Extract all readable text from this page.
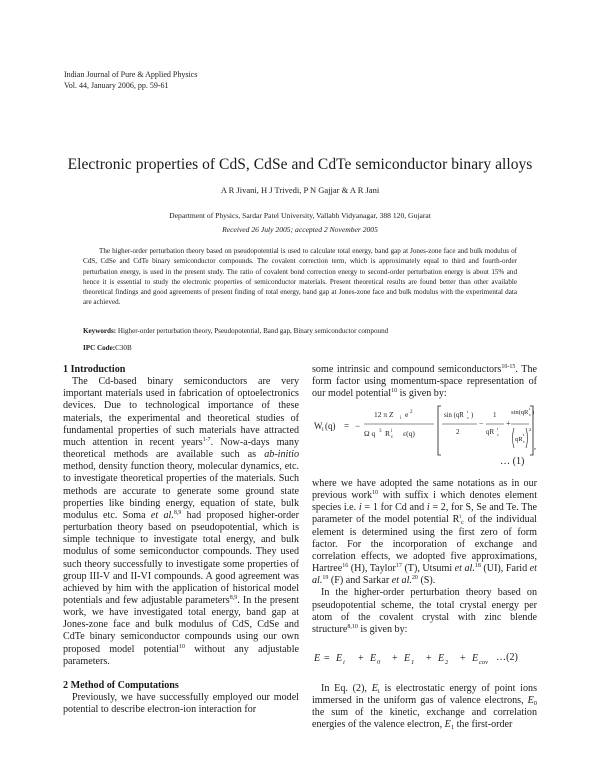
Indian Journal of Pure & Applied Physics
Vol. 44, January 2006, pp. 59-61
Electronic properties of CdS, CdSe and CdTe semiconductor binary alloys
A R Jivani, H J Trivedi, P N Gajjar & A R Jani
Department of Physics, Sardar Patel University, Vallabh Vidyanagar, 388 120, Gujarat
Received 26 July 2005; accepted 2 November 2005
The higher-order perturbation theory based on pseudopotential is used to calculate total energy, band gap at Jones-zone face and bulk modulus of CdS, CdSe and CdTe binary semiconductor compounds. The covalent correction term, which is approximately equal to third and fourth-order perturbation energy, is used in the present study. The ratio of covalent bond correction energy to second-order perturbation energy is about 15% and hence it is essential to study the electronic properties of semiconductor materials. Present theoretical results are found better than other available theoretical findings and good agreements of present finding of total energy, band gap at Jones-zone face and bulk modulus with the experimental data are achieved.
Keywords: Higher-order perturbation theory, Pseudopotential, Band gap, Binary semiconductor compound
IPC Code:C30B
1 Introduction

The Cd-based binary semiconductors are very important materials used in fabrication of optoelectronics devices. Due to technological importance of these materials, the experimental and theoretical studies of fundamental properties of such materials have attracted much attention in recent years$^{1-7}$. Now-a-days many theoretical methods are available such as ab-initio method, density function theory, molecular dynamics, etc. to investigate theoretical properties of the materials. Such methods are accurate to generate some ground state properties like binding energy, equation of state, bulk modulus etc. Soma et al.$^{8,9}$ had proposed higher-order perturbation theory based on pseudopotential, which is simple technique to investigate total energy, and bulk modulus of some semiconductor compounds. They used such theory successfully to investigate some properties of group III-V and II-VI compounds. A good agreement was achieved by him with the application of historical model potentials and few adjustable parameters$^{8,9}$. In the present work, we have investigated total energy, band gap at Jones-zone face and bulk modulus of CdS, CdSe and CdTe binary semiconductor compounds using our own proposed model potential$^{10}$ without any adjustable parameters.

2 Method of Computations

Previously, we have successfully employed our model potential to describe electron-ion interaction for

some intrinsic and compound semiconductors$^{10-15}$. The form factor using momentum-space representation of our model potential$^{10}$ is given by:

W i (q) = −
12 π Z i e 2
Ω q 3 R i
c ε(q)
sin (qR
i
c )
2
−
1
qR i
c
+
sin(qR
i
c )
qR
i
c
2
,
… (1)

where we have adopted the same notations as in our previous work$^{10}$ with suffix i which denotes element species i.e. i = 1 for Cd and i = 2, for S, Se and Te. The parameter of the model potential $R^i_c$ of the individual element is determined using the first zero of form factor. For the incorporation of exchange and correlation effects, we adopted five approximations, Hartree$^{16}$ (H), Taylor$^{17}$ (T), Utsumi et al.$^{18}$ (UI), Farid et al.$^{19}$ (F) and Sarkar et al.$^{20}$ (S).

In the higher-order perturbation theory based on pseudopotential scheme, the total crystal energy per atom of the covalent crystal with zinc blende structure$^{8,10}$ is given by:

E = E i + E 0 + E 1 + E 2 + E cov …(2)

In Eq. (2), $E_i$ is electrostatic energy of point ions immersed in the uniform gas of valence electrons, $E_0$ the sum of the kinetic, exchange and correlation energies of the valence electron, $E_1$ the first-order
